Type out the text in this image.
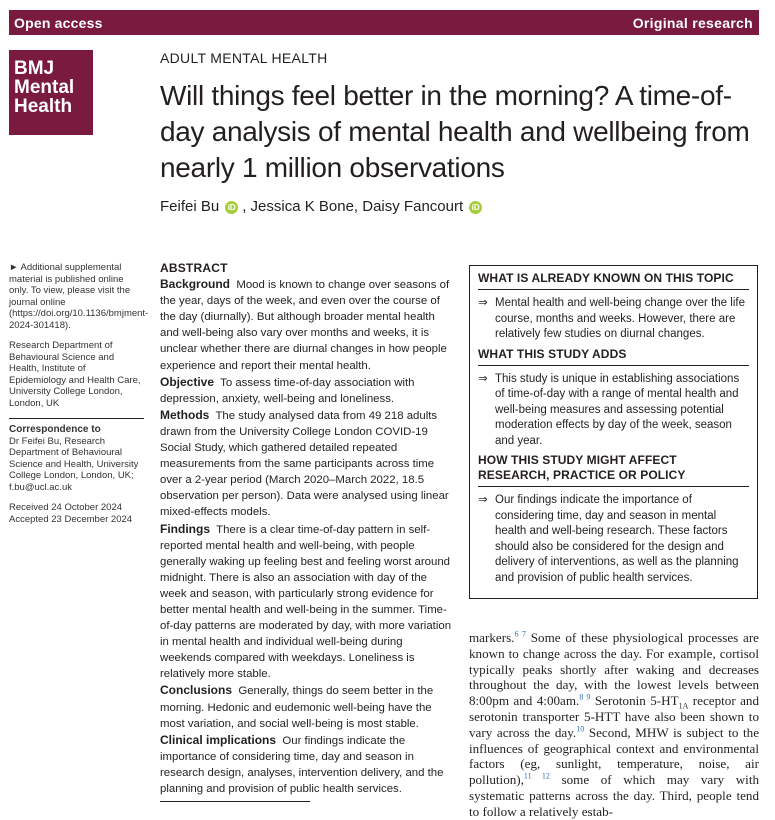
Open access	Original research
BMJ
Mental
Health
ADULT MENTAL HEALTH
Will things feel better in the morning? A time-of-day analysis of mental health and wellbeing from nearly 1 million observations
Feifei Bu iD , Jessica K Bone, Daisy Fancourt iD

► Additional supplemental material is published online only. To view, please visit the journal online (https://doi.org/10.1136/bmjment-2024-301418).

Research Department of Behavioural Science and Health, Institute of Epidemiology and Health Care, University College London, London, UK

Correspondence to

Dr Feifei Bu, Research Department of Behavioural Science and Health, University College London, London, UK; f.bu@ucl.ac.uk

Received 24 October 2024
Accepted 23 December 2024

ABSTRACT

Background Mood is known to change over seasons of the year, days of the week, and even over the course of the day (diurnally). But although broader mental health and well-being also vary over months and weeks, it is unclear whether there are diurnal changes in how people experience and report their mental health.

Objective To assess time-of-day association with depression, anxiety, well-being and loneliness.

Methods The study analysed data from 49 218 adults drawn from the University College London COVID-19 Social Study, which gathered detailed repeated measurements from the same participants across time over a 2-year period (March 2020–March 2022, 18.5 observation per person). Data were analysed using linear mixed-effects models.

Findings There is a clear time-of-day pattern in self-reported mental health and well-being, with people generally waking up feeling best and feeling worst around midnight. There is also an association with day of the week and season, with particularly strong evidence for better mental health and well-being in the summer. Time-of-day patterns are moderated by day, with more variation in mental health and individual well-being during weekends compared with weekdays. Loneliness is relatively more stable.

Conclusions Generally, things do seem better in the morning. Hedonic and eudemonic well-being have the most variation, and social well-being is most stable.

Clinical implications Our findings indicate the importance of considering time, day and season in research design, analyses, intervention delivery, and the planning and provision of public health services.

WHAT IS ALREADY KNOWN ON THIS TOPIC
⇒ Mental health and well-being change over the life course, months and weeks. However, there are relatively few studies on diurnal changes.
WHAT THIS STUDY ADDS
⇒ This study is unique in establishing associations of time-of-day with a range of mental health and well-being measures and assessing potential moderation effects by day of the week, season and year.
HOW THIS STUDY MIGHT AFFECT RESEARCH, PRACTICE OR POLICY
⇒ Our findings indicate the importance of considering time, day and season in mental health and well-being research. These factors should also be considered for the design and delivery of interventions, as well as the planning and provision of public health services.
markers.$^{6 7}$ Some of these physiological processes are known to change across the day. For example, cortisol typically peaks shortly after waking and decreases throughout the day, with the lowest levels between 8:00pm and 4:00am.$^{8 9}$ Serotonin $5-HT_{1A}$ receptor and serotonin transporter 5-HTT have also been shown to vary across the day.$^{10}$ Second, MHW is subject to the influences of geographical context and environmental factors (eg, sunlight, temperature, noise, air pollution),$^{11 12}$ some of which may vary with systematic patterns across the day. Third, people tend to follow a relatively estab-
